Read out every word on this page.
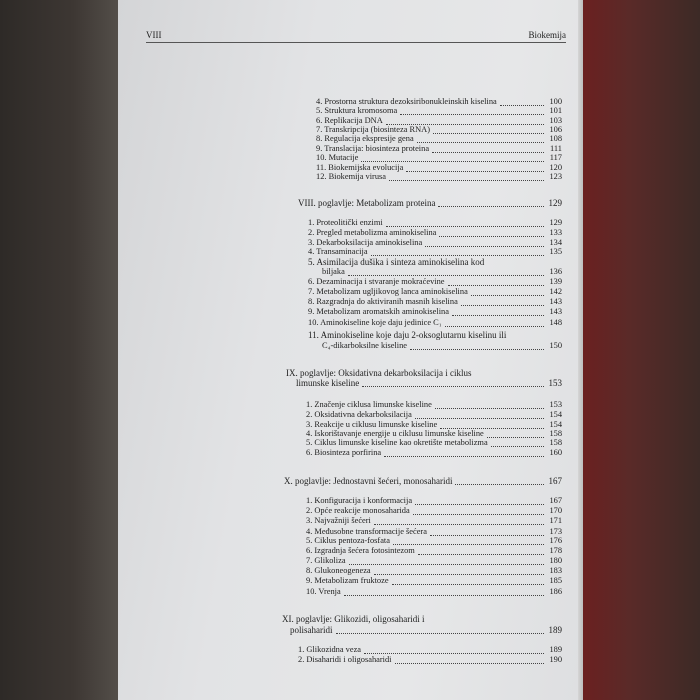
VIII	Biokemija
4. Prostorna struktura dezoksiribonukleinskih kiselina	100
5. Struktura kromosoma	101
6. Replikacija DNA	103
7. Transkripcija (biosinteza RNA)	106
8. Regulacija ekspresije gena	108
9. Translacija: biosinteza proteina	111
10. Mutacije	117
11. Biokemijska evolucija	120
12. Biokemija virusa	123
VIII. poglavlje: Metabolizam proteina	129
1. Proteolitički enzimi	129
2. Pregled metabolizma aminokiselina	133
3. Dekarboksilacija aminokiselina	134
4. Transaminacija	135
5. Asimilacija dušika i sinteza aminokiselina kod
biljaka	136
6. Dezaminacija i stvaranje mokraćevine	139
7. Metabolizam ugljikovog lanca aminokiselina	142
8. Razgradnja do aktiviranih masnih kiselina	143
9. Metabolizam aromatskih aminokiselina	143
10. Aminokiseline koje daju jedinice C₁	148
11. Aminokiseline koje daju 2-oksoglutarnu kiselinu ili
C₄-dikarboksilne kiseline	150
IX. poglavlje: Oksidativna dekarboksilacija i ciklus
limunske kiseline	153
1. Značenje ciklusa limunske kiseline	153
2. Oksidativna dekarboksilacija	154
3. Reakcije u ciklusu limunske kiseline	154
4. Iskorištavanje energije u ciklusu limunske kiseline	158
5. Ciklus limunske kiseline kao okretište metabolizma	158
6. Biosinteza porfirina	160
X. poglavlje: Jednostavni šećeri, monosaharidi	167
1. Konfiguracija i konformacija	167
2. Opće reakcije monosaharida	170
3. Najvažniji šećeri	171
4. Međusobne transformacije šećera	173
5. Ciklus pentoza-fosfata	176
6. Izgradnja šećera fotosintezom	178
7. Glikoliza	180
8. Glukoneogeneza	183
9. Metabolizam fruktoze	185
10. Vrenja	186
XI. poglavlje: Glikozidi, oligosaharidi i
polisaharidi	189
1. Glikozidna veza	189
2. Disaharidi i oligosaharidi	190
